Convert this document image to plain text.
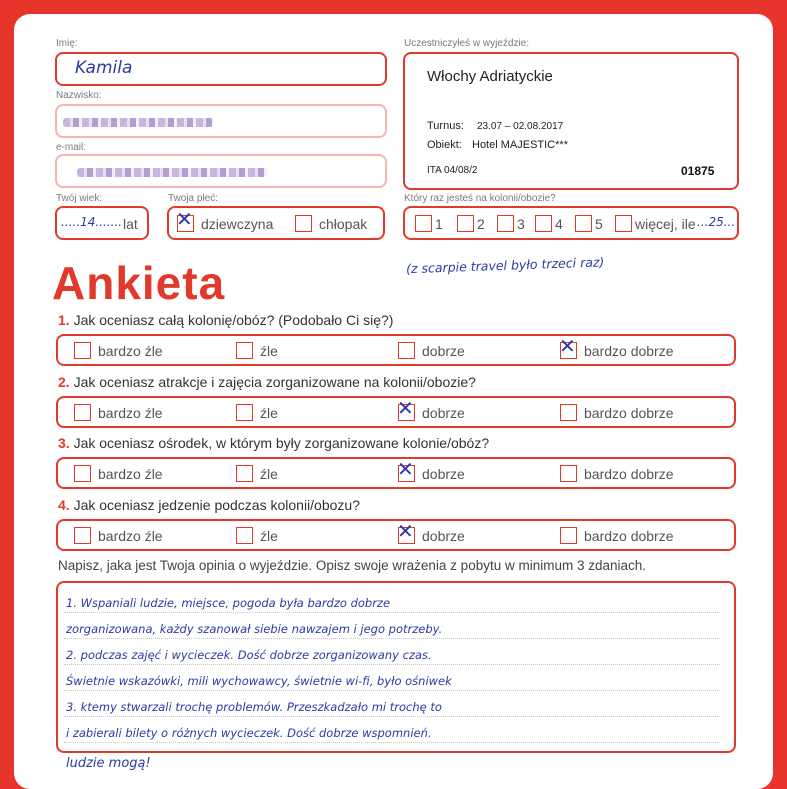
Imię:
Kamila
Nazwisko:
e-mail:
Twój wiek:
.....14....... lat
Twoja płeć:
✕ dziewczyna	chłopak
Uczestniczyłeś w wyjeździe:
Włochy Adriatyckie
Turnus: 23.07 – 02.08.2017
Obiekt: Hotel MAJESTIC***
ITA 04/08/2	01875
Który raz jesteś na kolonii/obozie?
1 2 3 4 5 więcej, ile ...25...
(z scarpie travel było trzeci raz)
Ankieta
1. Jak oceniasz całą kolonię/obóz? (Podobało Ci się?)
bardzo źle	źle	dobrze	✕ bardzo dobrze
2. Jak oceniasz atrakcje i zajęcia zorganizowane na kolonii/obozie?
bardzo źle	źle	✕ dobrze	bardzo dobrze
3. Jak oceniasz ośrodek, w którym były zorganizowane kolonie/obóz?
bardzo źle	źle	✕ dobrze	bardzo dobrze
4. Jak oceniasz jedzenie podczas kolonii/obozu?
bardzo źle	źle	✕ dobrze	bardzo dobrze
Napisz, jaka jest Twoja opinia o wyjeździe. Opisz swoje wrażenia z pobytu w minimum 3 zdaniach.
1. Wspaniali ludzie, miejsce, pogoda była bardzo dobrze
zorganizowana, każdy szanował siebie nawzajem i jego potrzeby.
2. podczas zajęć i wycieczek. Dość dobrze zorganizowany czas.
Świetnie wskazówki, mili wychowawcy, świetnie wi-fi, było ośniwek
3. ktemy stwarzali trochę problemów. Przeszkadzało mi trochę to
i zabierali bilety o różnych wycieczek. Dość dobrze wspomnień.
ludzie mogą!
